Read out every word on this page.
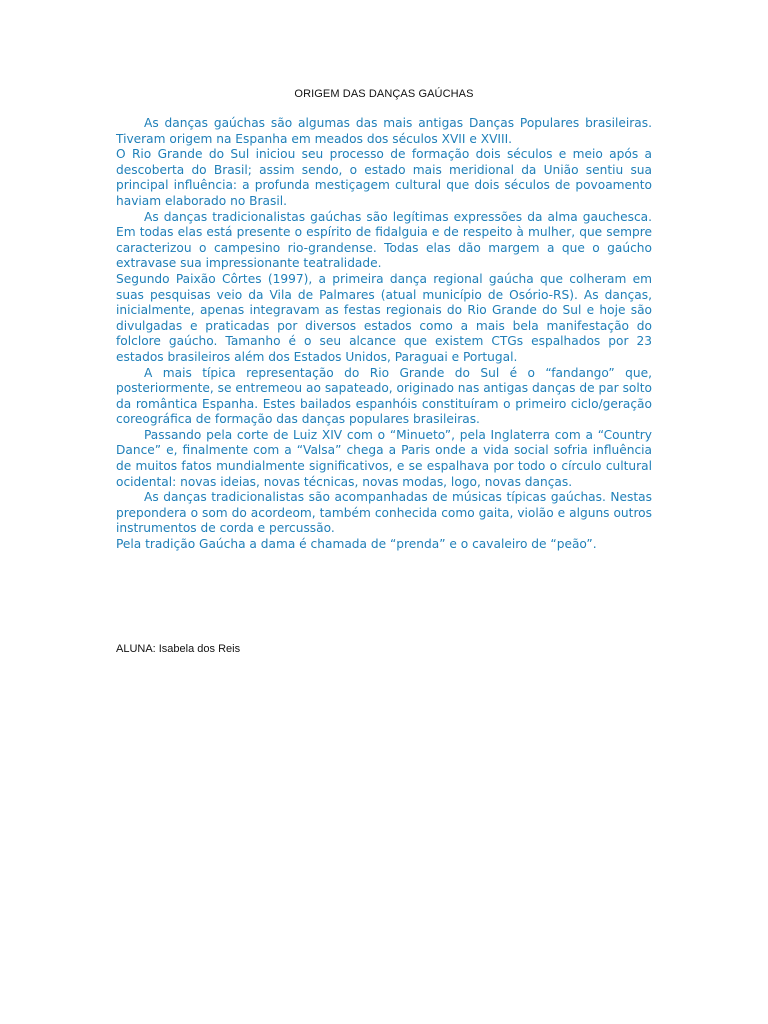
ORIGEM DAS DANÇAS GAÚCHAS

As danças gaúchas são algumas das mais antigas Danças Populares brasileiras. Tiveram origem na Espanha em meados dos séculos XVII e XVIII.

O Rio Grande do Sul iniciou seu processo de formação dois séculos e meio após a descoberta do Brasil; assim sendo, o estado mais meridional da União sentiu sua principal influência: a profunda mestiçagem cultural que dois séculos de povoamento haviam elaborado no Brasil.

As danças tradicionalistas gaúchas são legítimas expressões da alma gauchesca. Em todas elas está presente o espírito de fidalguia e de respeito à mulher, que sempre caracterizou o campesino rio-grandense. Todas elas dão margem a que o gaúcho extravase sua impressionante teatralidade.

Segundo Paixão Côrtes (1997), a primeira dança regional gaúcha que colheram em suas pesquisas veio da Vila de Palmares (atual município de Osório-RS). As danças, inicialmente, apenas integravam as festas regionais do Rio Grande do Sul e hoje são divulgadas e praticadas por diversos estados como a mais bela manifestação do folclore gaúcho. Tamanho é o seu alcance que existem CTGs espalhados por 23 estados brasileiros além dos Estados Unidos, Paraguai e Portugal.

A mais típica representação do Rio Grande do Sul é o “fandango” que, posteriormente, se entremeou ao sapateado, originado nas antigas danças de par solto da romântica Espanha. Estes bailados espanhóis constituíram o primeiro ciclo/geração coreográfica de formação das danças populares brasileiras.

Passando pela corte de Luiz XIV com o “Minueto”, pela Inglaterra com a “Country Dance” e, finalmente com a “Valsa” chega a Paris onde a vida social sofria influência de muitos fatos mundialmente significativos, e se espalhava por todo o círculo cultural ocidental: novas ideias, novas técnicas, novas modas, logo, novas danças.

As danças tradicionalistas são acompanhadas de músicas típicas gaúchas. Nestas prepondera o som do acordeom, também conhecida como gaita, violão e alguns outros instrumentos de corda e percussão.

Pela tradição Gaúcha a dama é chamada de “prenda” e o cavaleiro de “peão”.

ALUNA: Isabela dos Reis
